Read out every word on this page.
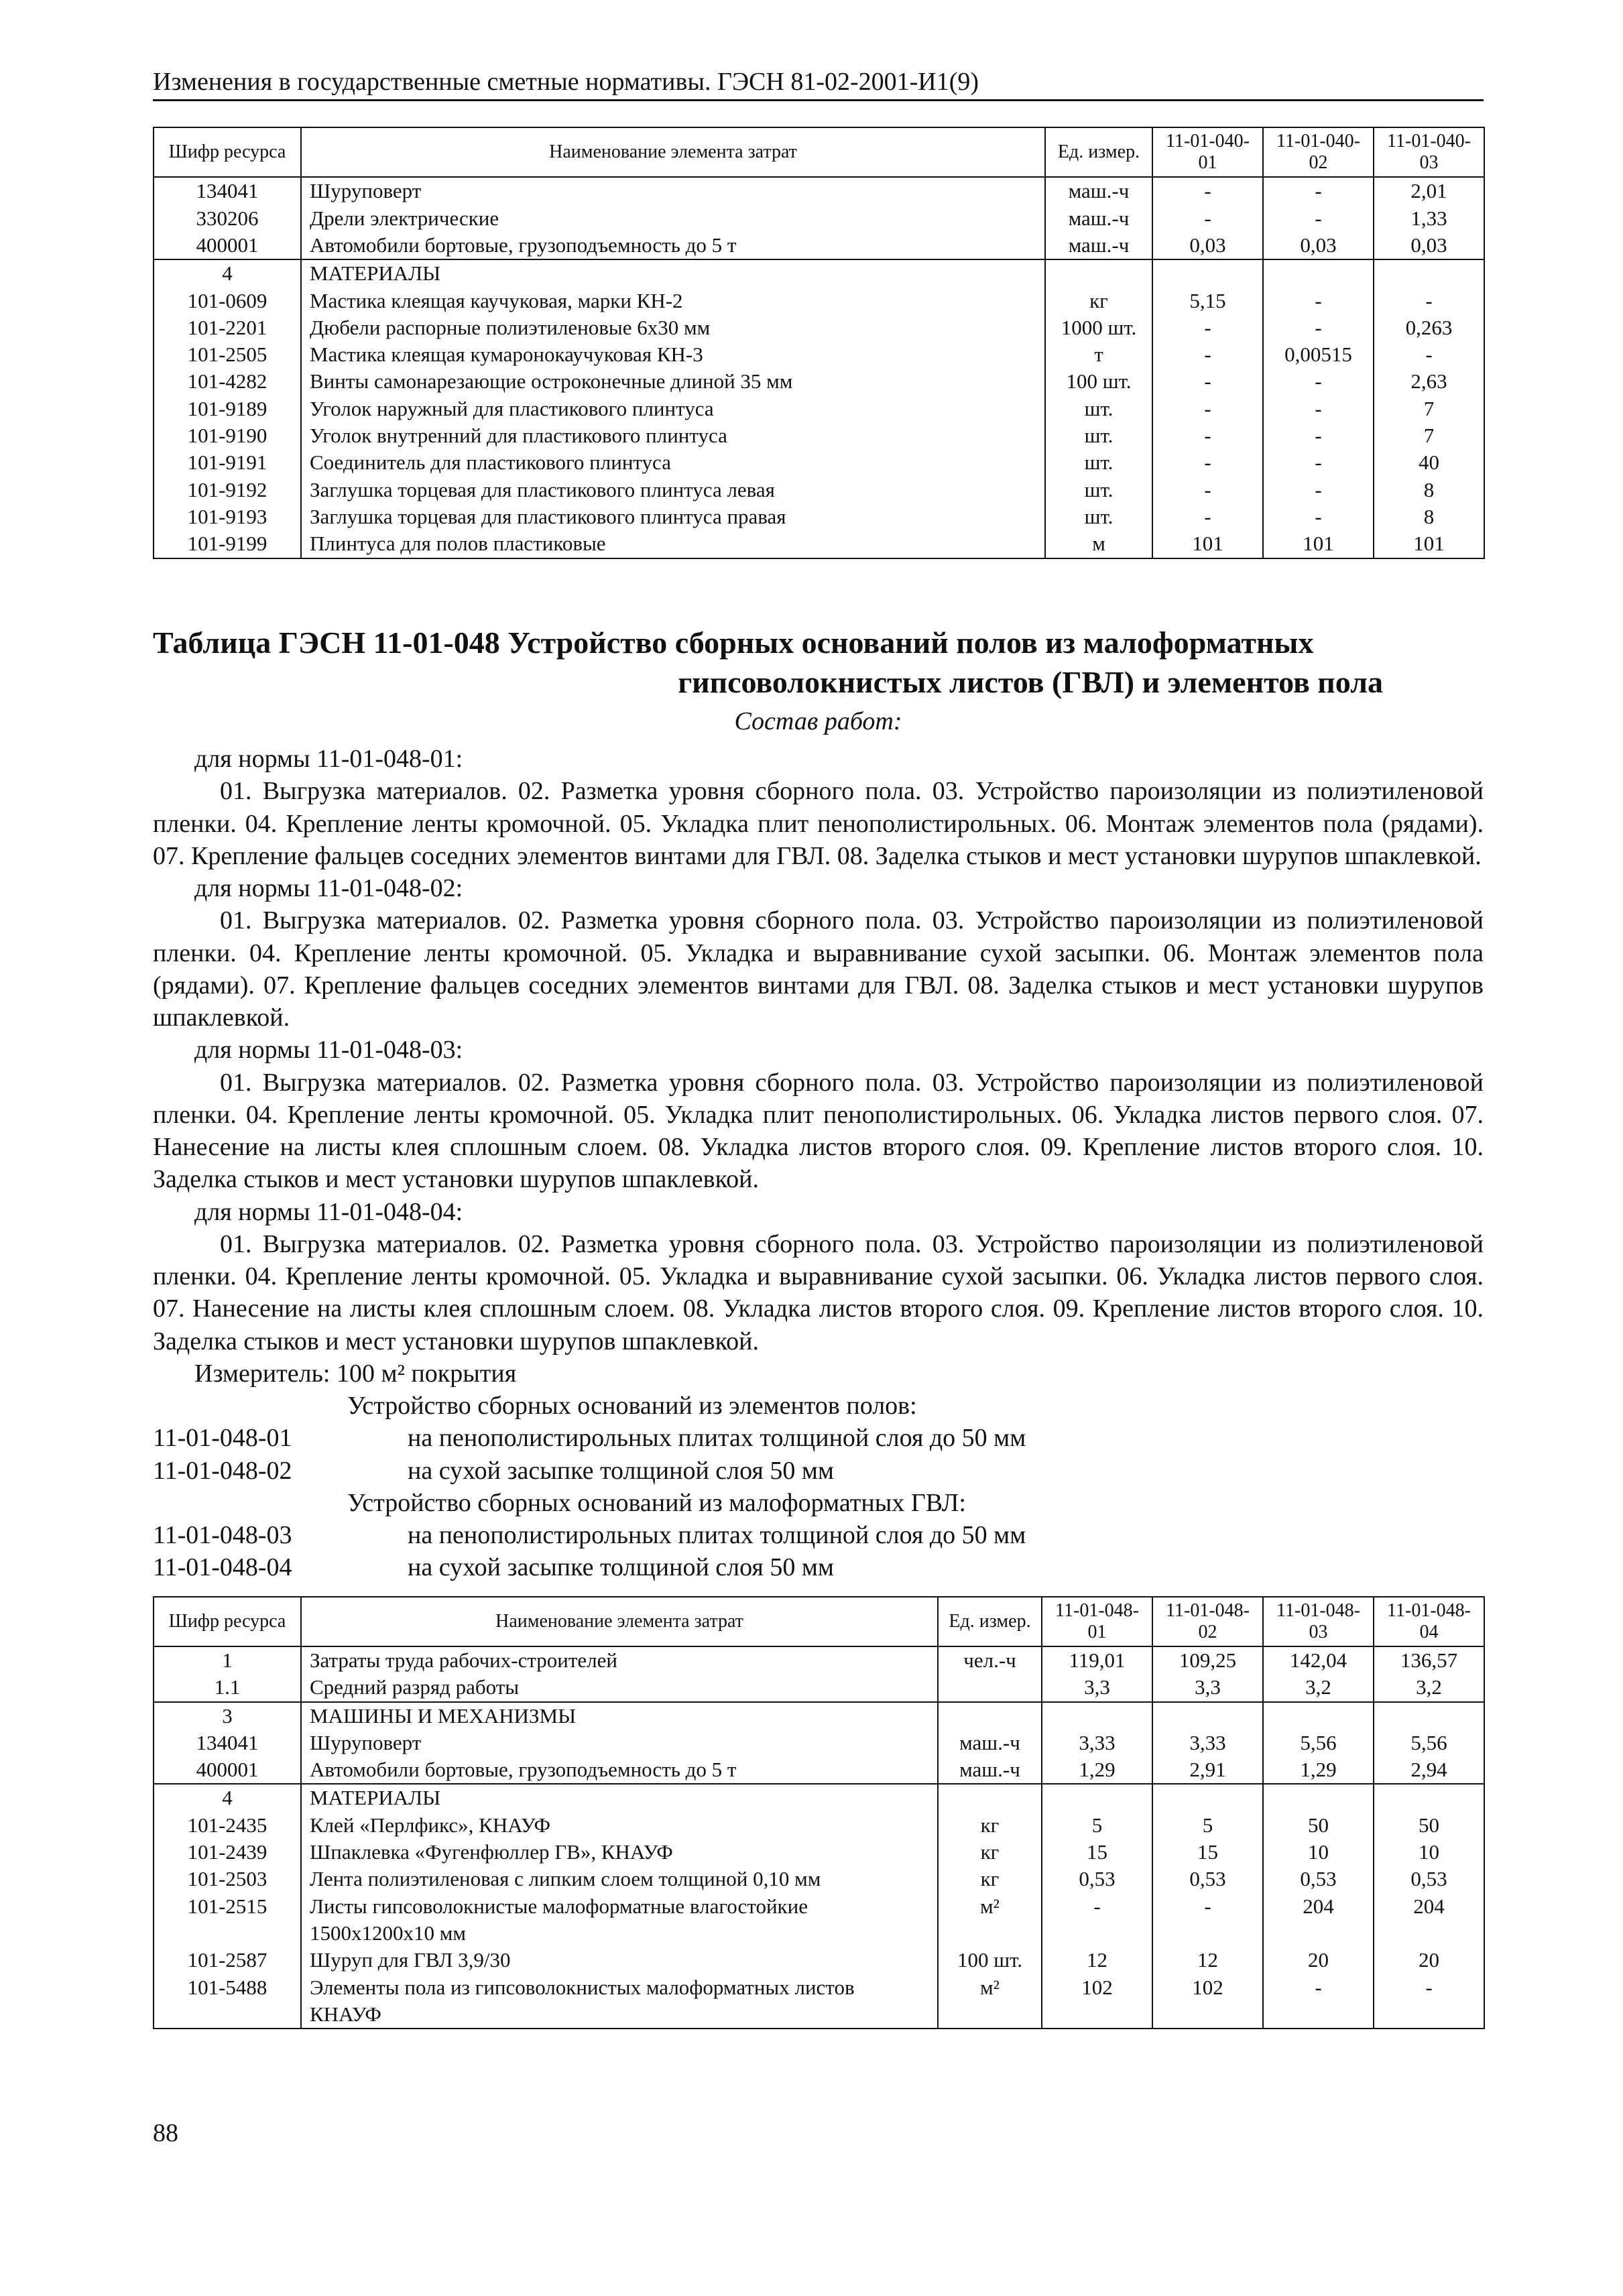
Изменения в государственные сметные нормативы. ГЭСН 81-02-2001-И1(9)
Шифр ресурса	Наименование элемента затрат	Ед. измер.	11-01-040-01	11-01-040-02	11-01-040-03
134041	Шуруповерт	маш.-ч	-	-	2,01
330206	Дрели электрические	маш.-ч	-	-	1,33
400001	Автомобили бортовые, грузоподъемность до 5 т	маш.-ч	0,03	0,03	0,03
4	МАТЕРИАЛЫ				
101-0609	Мастика клеящая каучуковая, марки КН-2	кг	5,15	-	-
101-2201	Дюбели распорные полиэтиленовые 6х30 мм	1000 шт.	-	-	0,263
101-2505	Мастика клеящая кумаронокаучуковая КН-3	т	-	0,00515	-
101-4282	Винты самонарезающие остроконечные длиной 35 мм	100 шт.	-	-	2,63
101-9189	Уголок наружный для пластикового плинтуса	шт.	-	-	7
101-9190	Уголок внутренний для пластикового плинтуса	шт.	-	-	7
101-9191	Соединитель для пластикового плинтуса	шт.	-	-	40
101-9192	Заглушка торцевая для пластикового плинтуса левая	шт.	-	-	8
101-9193	Заглушка торцевая для пластикового плинтуса правая	шт.	-	-	8
101-9199	Плинтуса для полов пластиковые	м	101	101	101
Таблица ГЭСН 11-01-048 Устройство сборных оснований полов из малоформатных
гипсоволокнистых листов (ГВЛ) и элементов пола
Состав работ:

для нормы 11-01-048-01:

01. Выгрузка материалов. 02. Разметка уровня сборного пола. 03. Устройство пароизоляции из полиэтиленовой пленки. 04. Крепление ленты кромочной. 05. Укладка плит пенополистирольных. 06. Монтаж элементов пола (рядами). 07. Крепление фальцев соседних элементов винтами для ГВЛ. 08. Заделка стыков и мест установки шурупов шпаклевкой.

для нормы 11-01-048-02:

01. Выгрузка материалов. 02. Разметка уровня сборного пола. 03. Устройство пароизоляции из полиэтиленовой пленки. 04. Крепление ленты кромочной. 05. Укладка и выравнивание сухой засыпки. 06. Монтаж элементов пола (рядами). 07. Крепление фальцев соседних элементов винтами для ГВЛ. 08. Заделка стыков и мест установки шурупов шпаклевкой.

для нормы 11-01-048-03:

01. Выгрузка материалов. 02. Разметка уровня сборного пола. 03. Устройство пароизоляции из полиэтиленовой пленки. 04. Крепление ленты кромочной. 05. Укладка плит пенополистирольных. 06. Укладка листов первого слоя. 07. Нанесение на листы клея сплошным слоем. 08. Укладка листов второго слоя. 09. Крепление листов второго слоя. 10. Заделка стыков и мест установки шурупов шпаклевкой.

для нормы 11-01-048-04:

01. Выгрузка материалов. 02. Разметка уровня сборного пола. 03. Устройство пароизоляции из полиэтиленовой пленки. 04. Крепление ленты кромочной. 05. Укладка и выравнивание сухой засыпки. 06. Укладка листов первого слоя. 07. Нанесение на листы клея сплошным слоем. 08. Укладка листов второго слоя. 09. Крепление листов второго слоя. 10. Заделка стыков и мест установки шурупов шпаклевкой.

Измеритель: 100 м² покрытия

Устройство сборных оснований из элементов полов:

11-01-048-01	на пенополистирольных плитах толщиной слоя до 50 мм

11-01-048-02	на сухой засыпке толщиной слоя 50 мм

Устройство сборных оснований из малоформатных ГВЛ:

11-01-048-03	на пенополистирольных плитах толщиной слоя до 50 мм

11-01-048-04	на сухой засыпке толщиной слоя 50 мм

Шифр ресурса	Наименование элемента затрат	Ед. измер.	11-01-048-01	11-01-048-02	11-01-048-03	11-01-048-04
1	Затраты труда рабочих-строителей	чел.-ч	119,01	109,25	142,04	136,57
1.1	Средний разряд работы		3,3	3,3	3,2	3,2
3	МАШИНЫ И МЕХАНИЗМЫ					
134041	Шуруповерт	маш.-ч	3,33	3,33	5,56	5,56
400001	Автомобили бортовые, грузоподъемность до 5 т	маш.-ч	1,29	2,91	1,29	2,94
4	МАТЕРИАЛЫ					
101-2435	Клей «Перлфикс», КНАУФ	кг	5	5	50	50
101-2439	Шпаклевка «Фугенфюллер ГВ», КНАУФ	кг	15	15	10	10
101-2503	Лента полиэтиленовая с липким слоем толщиной 0,10 мм	кг	0,53	0,53	0,53	0,53
101-2515	Листы гипсоволокнистые малоформатные влагостойкие 1500х1200х10 мм	м²	-	-	204	204
101-2587	Шуруп для ГВЛ 3,9/30	100 шт.	12	12	20	20
101-5488	Элементы пола из гипсоволокнистых малоформатных листов КНАУФ	м²	102	102	-	-
88
